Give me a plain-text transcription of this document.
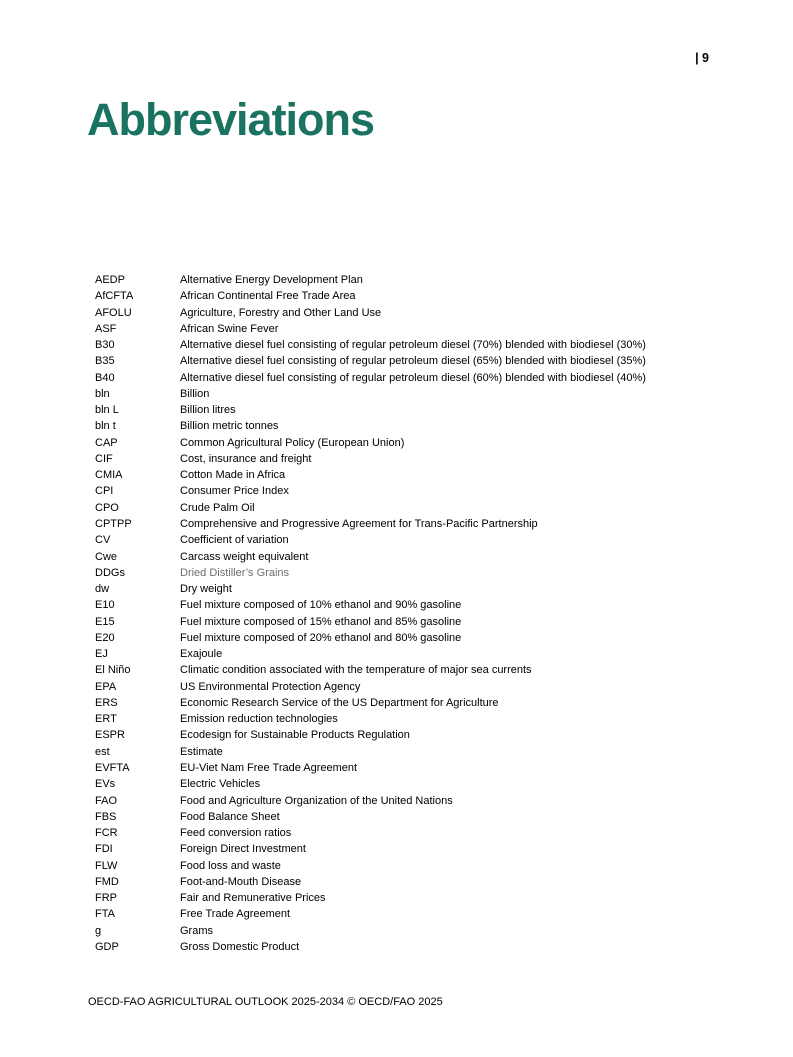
| 9
Abbreviations
AEDP	Alternative Energy Development Plan
AfCFTA	African Continental Free Trade Area
AFOLU	Agriculture, Forestry and Other Land Use
ASF	African Swine Fever
B30	Alternative diesel fuel consisting of regular petroleum diesel (70%) blended with biodiesel (30%)
B35	Alternative diesel fuel consisting of regular petroleum diesel (65%) blended with biodiesel (35%)
B40	Alternative diesel fuel consisting of regular petroleum diesel (60%) blended with biodiesel (40%)
bln	Billion
bln L	Billion litres
bln t	Billion metric tonnes
CAP	Common Agricultural Policy (European Union)
CIF	Cost, insurance and freight
CMIA	Cotton Made in Africa
CPI	Consumer Price Index
CPO	Crude Palm Oil
CPTPP	Comprehensive and Progressive Agreement for Trans-Pacific Partnership
CV	Coefficient of variation
Cwe	Carcass weight equivalent
DDGs	Dried Distiller’s Grains
dw	Dry weight
E10	Fuel mixture composed of 10% ethanol and 90% gasoline
E15	Fuel mixture composed of 15% ethanol and 85% gasoline
E20	Fuel mixture composed of 20% ethanol and 80% gasoline
EJ	Exajoule
El Niño	Climatic condition associated with the temperature of major sea currents
EPA	US Environmental Protection Agency
ERS	Economic Research Service of the US Department for Agriculture
ERT	Emission reduction technologies
ESPR	Ecodesign for Sustainable Products Regulation
est	Estimate
EVFTA	EU-Viet Nam Free Trade Agreement
EVs	Electric Vehicles
FAO	Food and Agriculture Organization of the United Nations
FBS	Food Balance Sheet
FCR	Feed conversion ratios
FDI	Foreign Direct Investment
FLW	Food loss and waste
FMD	Foot-and-Mouth Disease
FRP	Fair and Remunerative Prices
FTA	Free Trade Agreement
g	Grams
GDP	Gross Domestic Product
OECD-FAO AGRICULTURAL OUTLOOK 2025-2034 © OECD/FAO 2025
